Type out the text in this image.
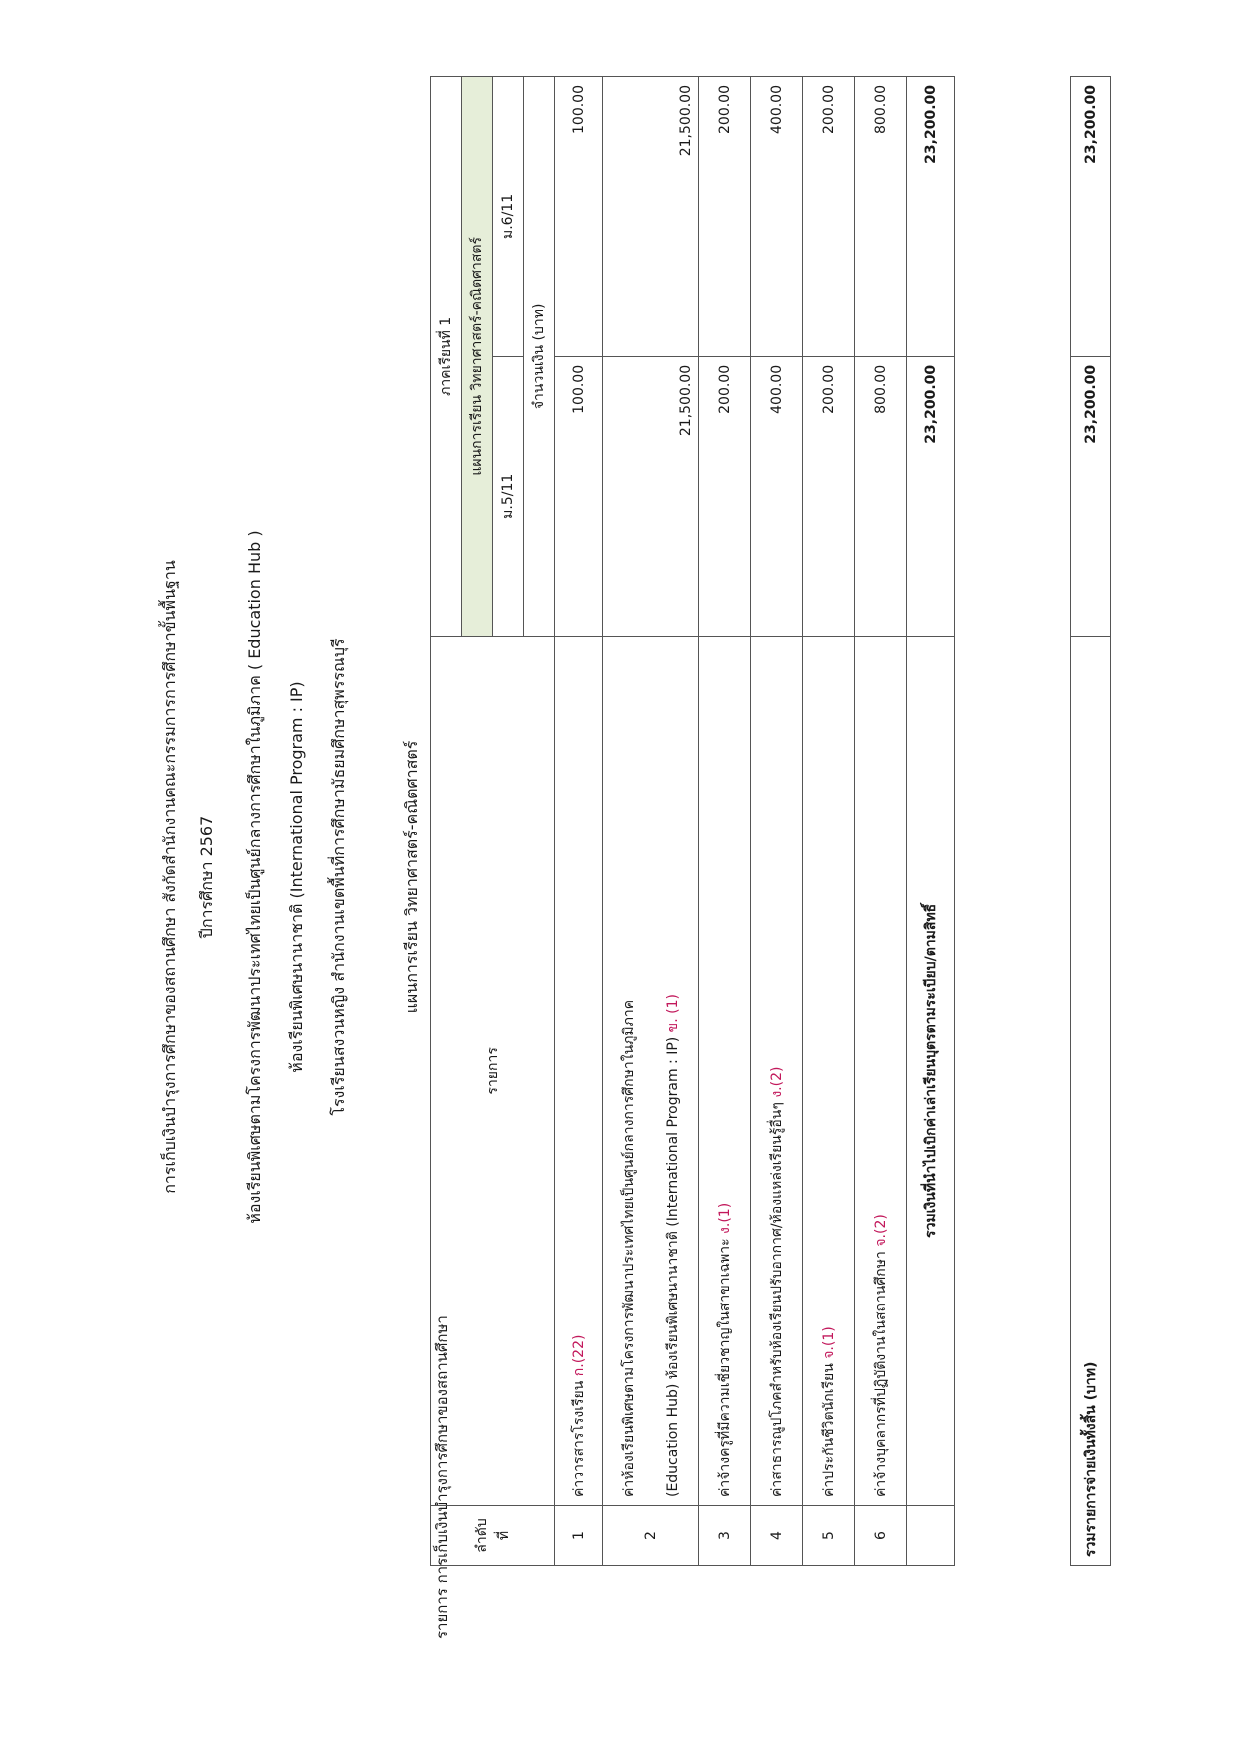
การเก็บเงินบำรุงการศึกษาของสถานศึกษา สังกัดสำนักงานคณะกรรมการการศึกษาขั้นพื้นฐาน ปีการศึกษา 2567 ห้องเรียนพิเศษตามโครงการพัฒนาประเทศไทยเป็นศูนย์กลางการศึกษาในภูมิภาค ( Education Hub ) ห้องเรียนพิเศษนานาชาติ (International Program : IP) โรงเรียนสงวนหญิง สำนักงานเขตพื้นที่การศึกษามัธยมศึกษาสุพรรณบุรี	แผนการเรียน วิทยาศาสตร์-คณิตศาสตร์
รายการ การเก็บเงินบำรุงการศึกษาของสถานศึกษา ลำดับที่	รายการ	ภาคเรียนที่ 1	
		แผนการเรียน วิทยาศาสตร์-คณิตศาสตร์	
		ม.5/11	ม.6/11
		จำนวนเงิน (บาท)	
1	ค่าวารสารโรงเรียน ก.(22)	100.00	100.00
2	ค่าห้องเรียนพิเศษตามโครงการพัฒนาประเทศไทยเป็นศูนย์กลางการศึกษาในภูมิภาค (Education Hub) ห้องเรียนพิเศษนานาชาติ (International Program : IP) ข. (1)	21,500.00	21,500.00
3	ค่าจ้างครูที่มีความเชี่ยวชาญในสาขาเฉพาะ ง.(1)	200.00	200.00
4	ค่าสาธารณูปโภคสำหรับห้องเรียนปรับอากาศ/ห้องแหล่งเรียนรู้อื่นๆ ง.(2)	400.00	400.00
5	ค่าประกันชีวิตนักเรียน จ.(1)	200.00	200.00
6	ค่าจ้างบุคลากรที่ปฏิบัติงานในสถานศึกษา จ.(2)	800.00	800.00
	รวมเงินที่นำไปเบิกค่าเล่าเรียนบุตรตามระเบียบ/ตามสิทธิ์	23,200.00	23,200.00
รวมรายการจ่ายเงินทั้งสิ้น (บาท)	23,200.00	23,200.00
